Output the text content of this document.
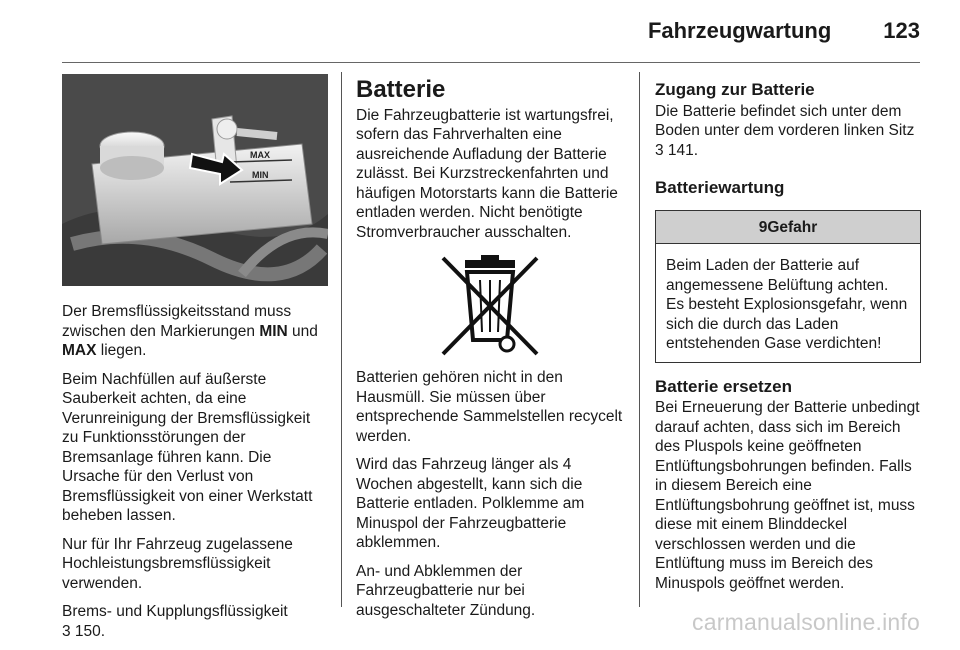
Fahrzeugwartung 123
MAX
MIN

Der Bremsflüssigkeitsstand muss zwischen den Markierungen MIN und MAX liegen.

Beim Nachfüllen auf äußerste Sauberkeit achten, da eine Verunreinigung der Bremsflüssigkeit zu Funktionsstörungen der Bremsanlage führen kann. Die Ursache für den Verlust von Bremsflüssigkeit von einer Werkstatt beheben lassen.

Nur für Ihr Fahrzeug zugelassene Hochleistungsbremsflüssigkeit verwenden.

Brems- und Kupplungsflüssigkeit
3 150.

Batterie

Die Fahrzeugbatterie ist wartungsfrei, sofern das Fahrverhalten eine ausreichende Aufladung der Batterie zulässt. Bei Kurzstreckenfahrten und häufigen Motorstarts kann die Batterie entladen werden. Nicht benötigte Stromverbraucher ausschalten.

Batterien gehören nicht in den Hausmüll. Sie müssen über entsprechende Sammelstellen recycelt werden.

Wird das Fahrzeug länger als 4 Wochen abgestellt, kann sich die Batterie entladen. Polklemme am Minuspol der Fahrzeugbatterie abklemmen.

An- und Abklemmen der Fahrzeugbatterie nur bei ausgeschalteter Zündung.

Zugang zur Batterie

Die Batterie befindet sich unter dem Boden unter dem vorderen linken Sitz
3 141.

Batteriewartung
9Gefahr
Beim Laden der Batterie auf angemessene Belüftung achten. Es besteht Explosionsgefahr, wenn sich die durch das Laden entstehenden Gase verdichten!
Batterie ersetzen

Bei Erneuerung der Batterie unbedingt darauf achten, dass sich im Bereich des Pluspols keine geöffneten Entlüftungsbohrungen befinden. Falls in diesem Bereich eine Entlüftungsbohrung geöffnet ist, muss diese mit einem Blinddeckel verschlossen werden und die Entlüftung muss im Bereich des Minuspols geöffnet werden.

carmanualsonline.info
